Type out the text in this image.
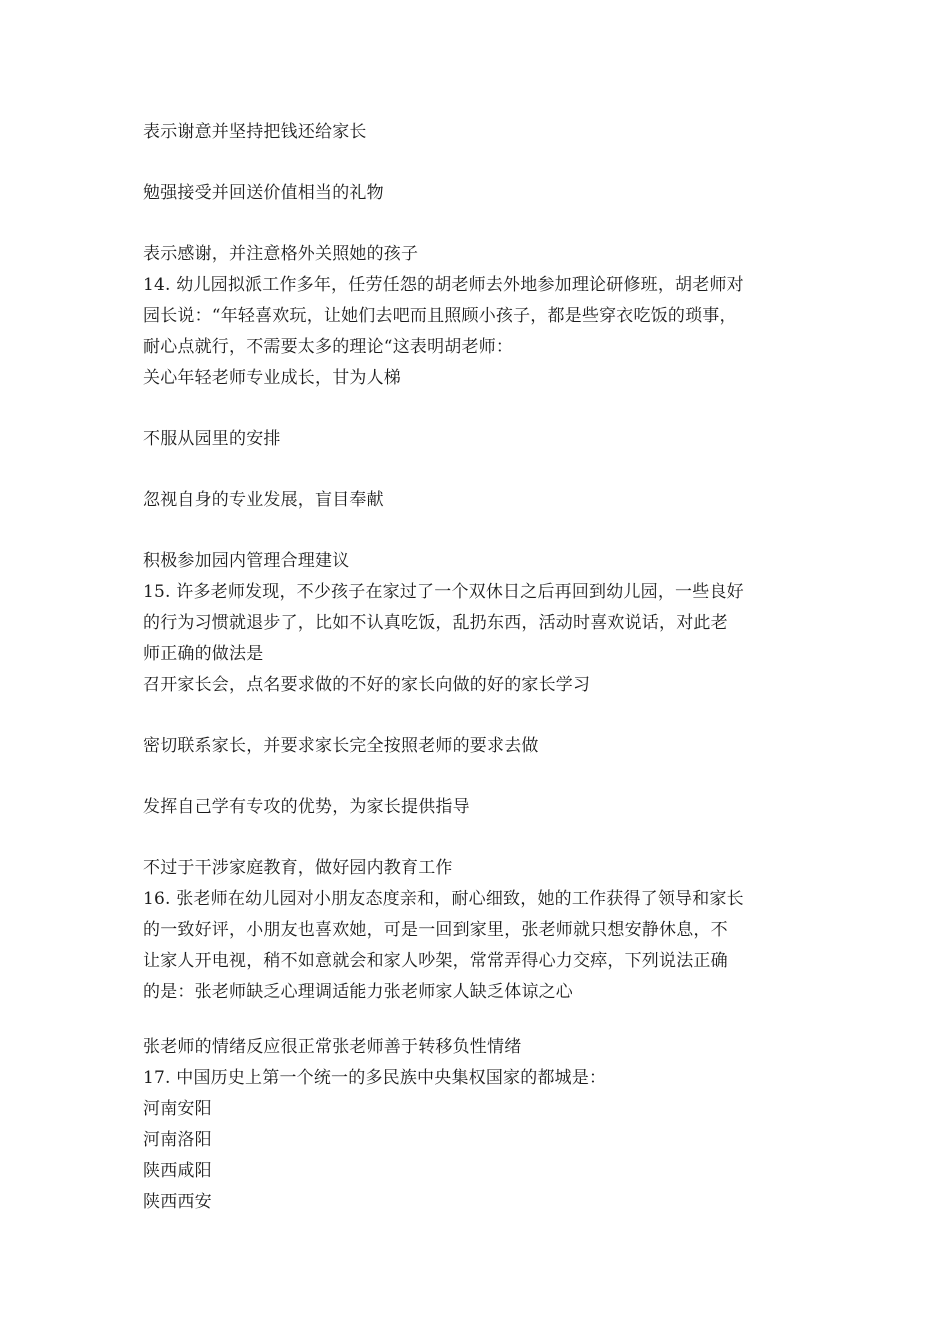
表示谢意并坚持把钱还给家长
勉强接受并回送价值相当的礼物
表示感谢，并注意格外关照她的孩子
14. 幼儿园拟派工作多年，任劳任怨的胡老师去外地参加理论研修班，胡老师对
园长说：“年轻喜欢玩，让她们去吧而且照顾小孩子，都是些穿衣吃饭的琐事，
耐心点就行，不需要太多的理论“这表明胡老师：
关心年轻老师专业成长，甘为人梯
不服从园里的安排
忽视自身的专业发展，盲目奉献
积极参加园内管理合理建议
15. 许多老师发现，不少孩子在家过了一个双休日之后再回到幼儿园，一些良好
的行为习惯就退步了，比如不认真吃饭，乱扔东西，活动时喜欢说话，对此老
师正确的做法是
召开家长会，点名要求做的不好的家长向做的好的家长学习
密切联系家长，并要求家长完全按照老师的要求去做
发挥自己学有专攻的优势，为家长提供指导
不过于干涉家庭教育，做好园内教育工作
16. 张老师在幼儿园对小朋友态度亲和，耐心细致，她的工作获得了领导和家长
的一致好评，小朋友也喜欢她，可是一回到家里，张老师就只想安静休息，不
让家人开电视，稍不如意就会和家人吵架，常常弄得心力交瘁，下列说法正确
的是：张老师缺乏心理调适能力张老师家人缺乏体谅之心
张老师的情绪反应很正常张老师善于转移负性情绪
17. 中国历史上第一个统一的多民族中央集权国家的都城是：
河南安阳
河南洛阳
陕西咸阳
陕西西安
